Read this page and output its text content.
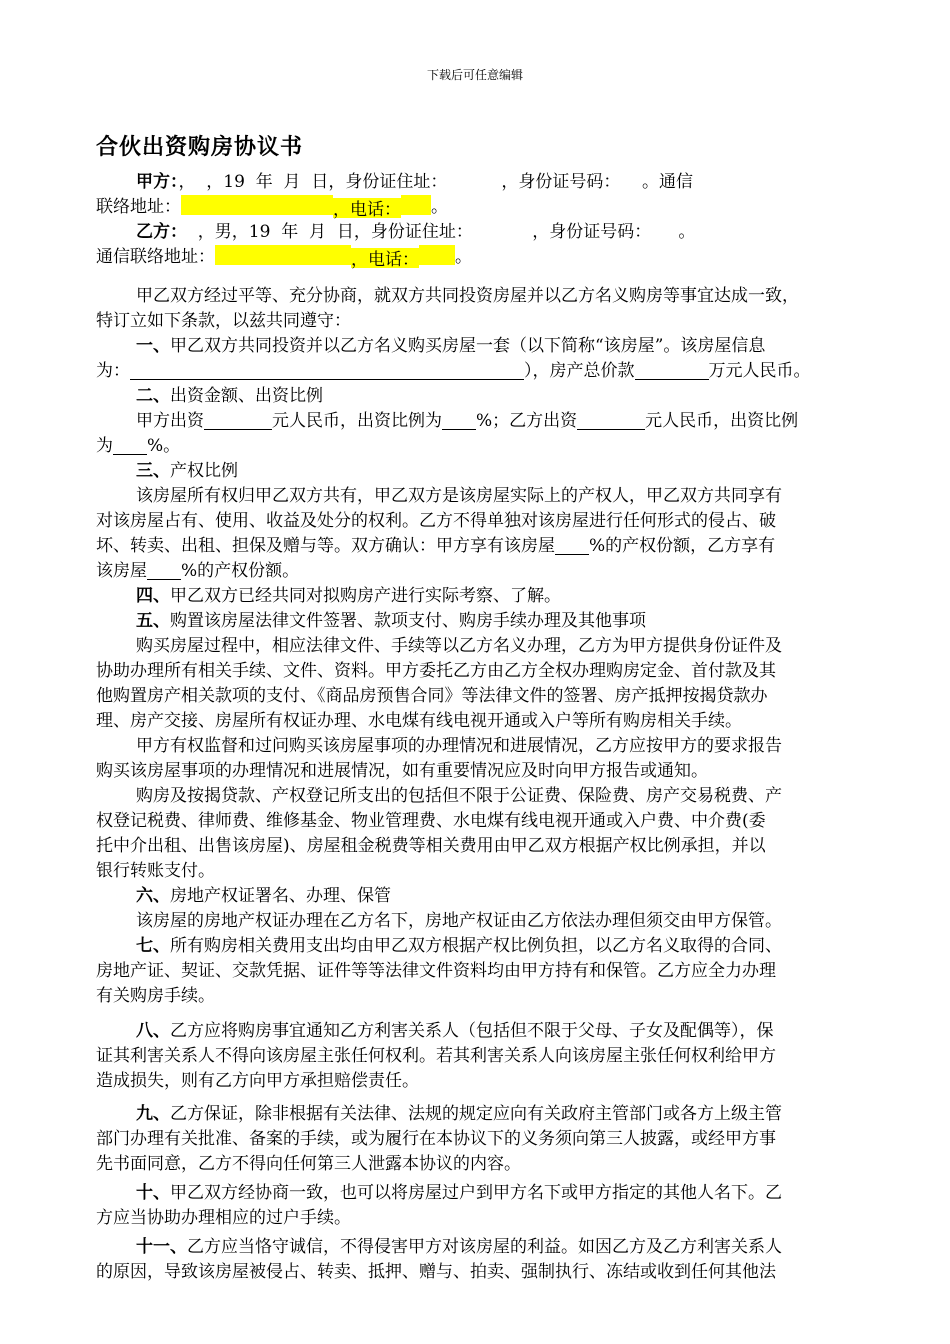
下载后可任意编辑
合伙出资购房协议书
甲方：，  ，19  年  月  日，身份证住址：          ，身份证号码：    。通信
联络地址：	，电话： 。
乙方：  ，男，19  年  月  日，身份证住址：           ，身份证号码：     。
通信联络地址：	，电话： 。
甲乙双方经过平等、充分协商，就双方共同投资房屋并以乙方名义购房等事宜达成一致，
特订立如下条款，以兹共同遵守：
一、甲乙双方共同投资并以乙方名义购买房屋一套（以下简称“该房屋”。该房屋信息
为：	），房产总价款	万元人民币。
二、出资金额、出资比例
甲方出资	元人民币，出资比例为 %；乙方出资	元人民币，出资比例
为 %。
三、产权比例
该房屋所有权归甲乙双方共有，甲乙双方是该房屋实际上的产权人，甲乙双方共同享有
对该房屋占有、使用、收益及处分的权利。乙方不得单独对该房屋进行任何形式的侵占、破
坏、转卖、出租、担保及赠与等。双方确认：甲方享有该房屋 %的产权份额，乙方享有
该房屋 %的产权份额。
四、甲乙双方已经共同对拟购房产进行实际考察、了解。
五、购置该房屋法律文件签署、款项支付、购房手续办理及其他事项
购买房屋过程中，相应法律文件、手续等以乙方名义办理，乙方为甲方提供身份证件及
协助办理所有相关手续、文件、资料。甲方委托乙方由乙方全权办理购房定金、首付款及其
他购置房产相关款项的支付、《商品房预售合同》等法律文件的签署、房产抵押按揭贷款办
理、房产交接、房屋所有权证办理、水电煤有线电视开通或入户等所有购房相关手续。
甲方有权监督和过问购买该房屋事项的办理情况和进展情况，乙方应按甲方的要求报告
购买该房屋事项的办理情况和进展情况，如有重要情况应及时向甲方报告或通知。
购房及按揭贷款、产权登记所支出的包括但不限于公证费、保险费、房产交易税费、产
权登记税费、律师费、维修基金、物业管理费、水电煤有线电视开通或入户费、中介费(委
托中介出租、出售该房屋)、房屋租金税费等相关费用由甲乙双方根据产权比例承担，并以
银行转账支付。
六、房地产权证署名、办理、保管
该房屋的房地产权证办理在乙方名下，房地产权证由乙方依法办理但须交由甲方保管。
七、所有购房相关费用支出均由甲乙双方根据产权比例负担，以乙方名义取得的合同、
房地产证、契证、交款凭据、证件等等法律文件资料均由甲方持有和保管。乙方应全力办理
有关购房手续。
八、乙方应将购房事宜通知乙方利害关系人（包括但不限于父母、子女及配偶等），保
证其利害关系人不得向该房屋主张任何权利。若其利害关系人向该房屋主张任何权利给甲方
造成损失，则有乙方向甲方承担赔偿责任。
九、乙方保证，除非根据有关法律、法规的规定应向有关政府主管部门或各方上级主管
部门办理有关批准、备案的手续，或为履行在本协议下的义务须向第三人披露，或经甲方事
先书面同意，乙方不得向任何第三人泄露本协议的内容。
十、甲乙双方经协商一致，也可以将房屋过户到甲方名下或甲方指定的其他人名下。乙
方应当协助办理相应的过户手续。
十一、乙方应当恪守诚信，不得侵害甲方对该房屋的利益。如因乙方及乙方利害关系人
的原因，导致该房屋被侵占、转卖、抵押、赠与、拍卖、强制执行、冻结或收到任何其他法
